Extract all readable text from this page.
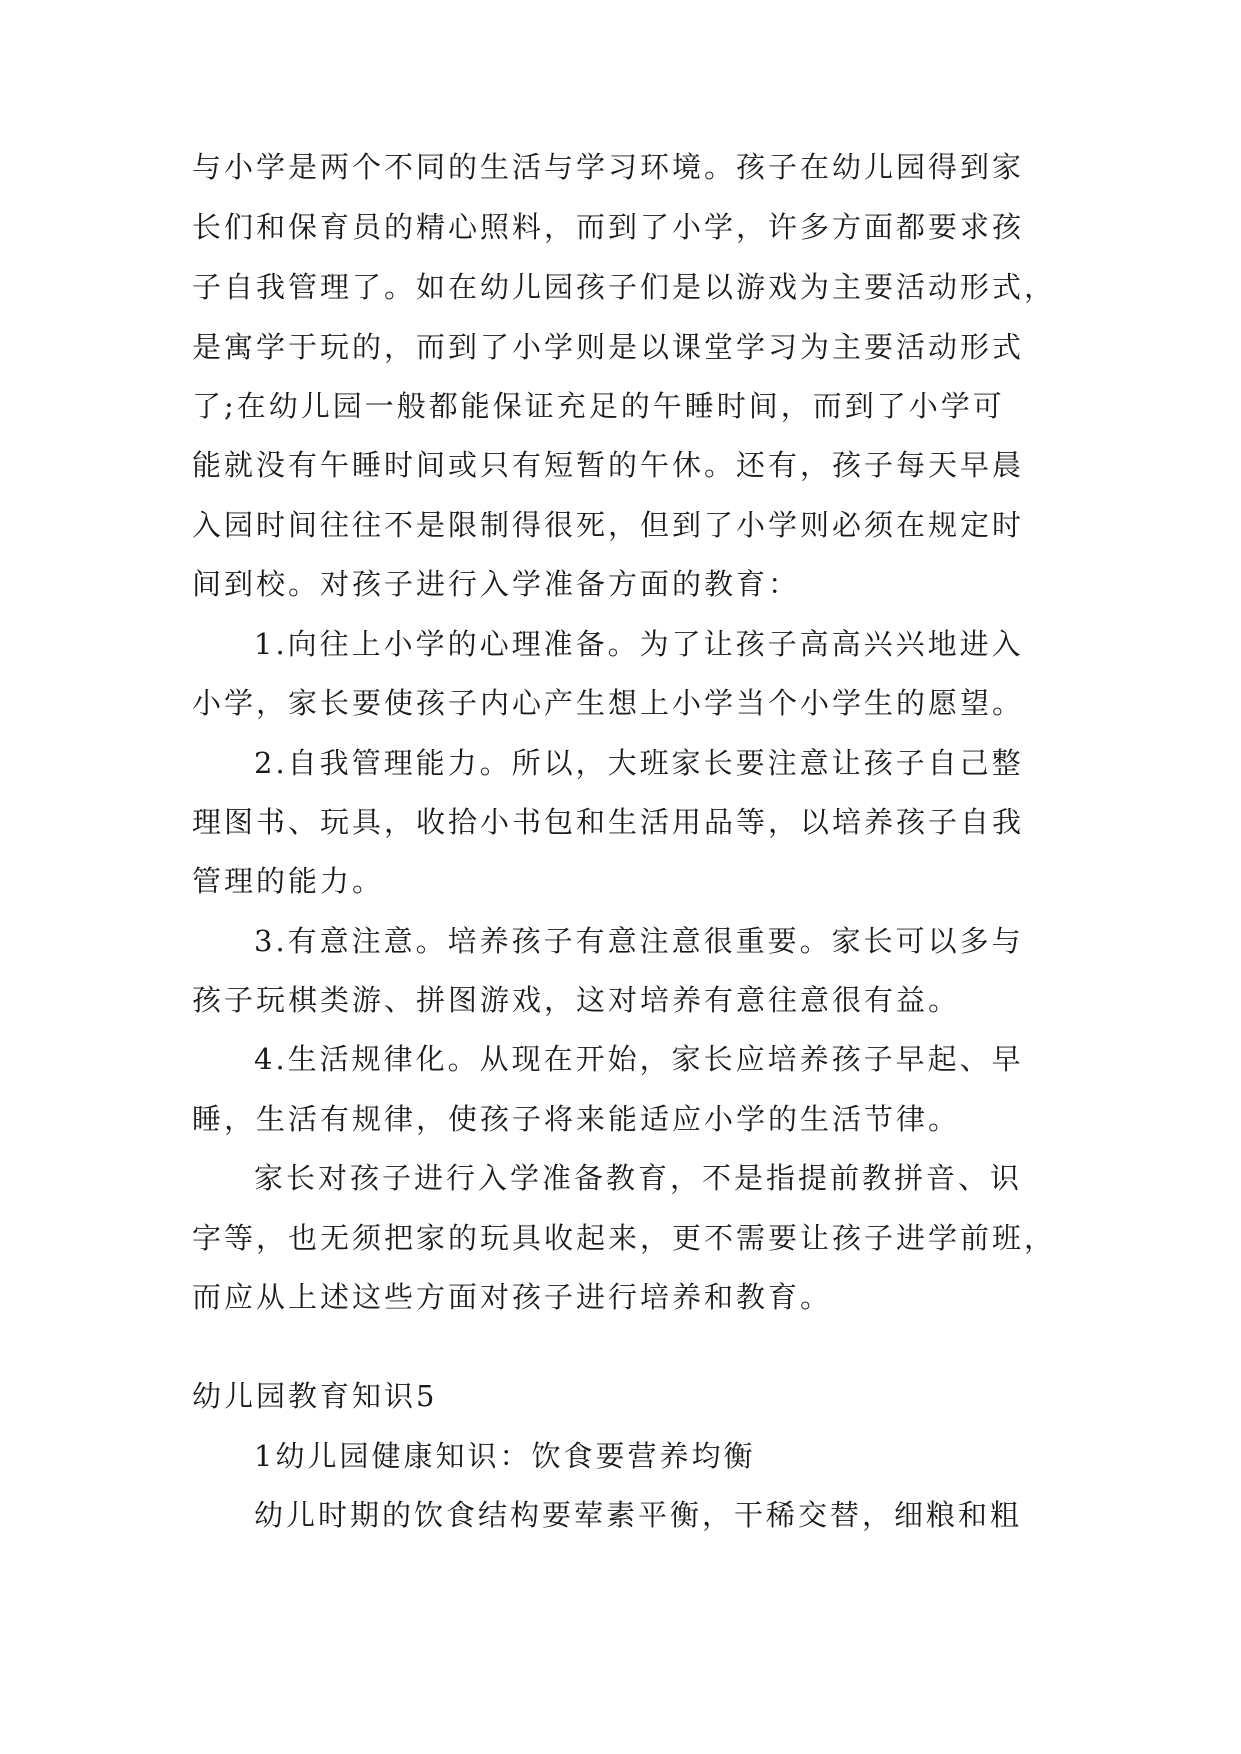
与小学是两个不同的生活与学习环境。孩子在幼儿园得到家
长们和保育员的精心照料，而到了小学，许多方面都要求孩
子自我管理了。如在幼儿园孩子们是以游戏为主要活动形式，
是寓学于玩的，而到了小学则是以课堂学习为主要活动形式
了;在幼儿园一般都能保证充足的午睡时间，而到了小学可
能就没有午睡时间或只有短暂的午休。还有，孩子每天早晨
入园时间往往不是限制得很死，但到了小学则必须在规定时
间到校。对孩子进行入学准备方面的教育：
1.向往上小学的心理准备。为了让孩子高高兴兴地进入
小学，家长要使孩子内心产生想上小学当个小学生的愿望。
2.自我管理能力。所以，大班家长要注意让孩子自己整
理图书、玩具，收拾小书包和生活用品等，以培养孩子自我
管理的能力。
3.有意注意。培养孩子有意注意很重要。家长可以多与
孩子玩棋类游、拼图游戏，这对培养有意往意很有益。
4.生活规律化。从现在开始，家长应培养孩子早起、早
睡，生活有规律，使孩子将来能适应小学的生活节律。
家长对孩子进行入学准备教育，不是指提前教拼音、识
字等，也无须把家的玩具收起来，更不需要让孩子进学前班，
而应从上述这些方面对孩子进行培养和教育。
幼儿园教育知识5
1幼儿园健康知识：饮食要营养均衡
幼儿时期的饮食结构要荤素平衡，干稀交替，细粮和粗
